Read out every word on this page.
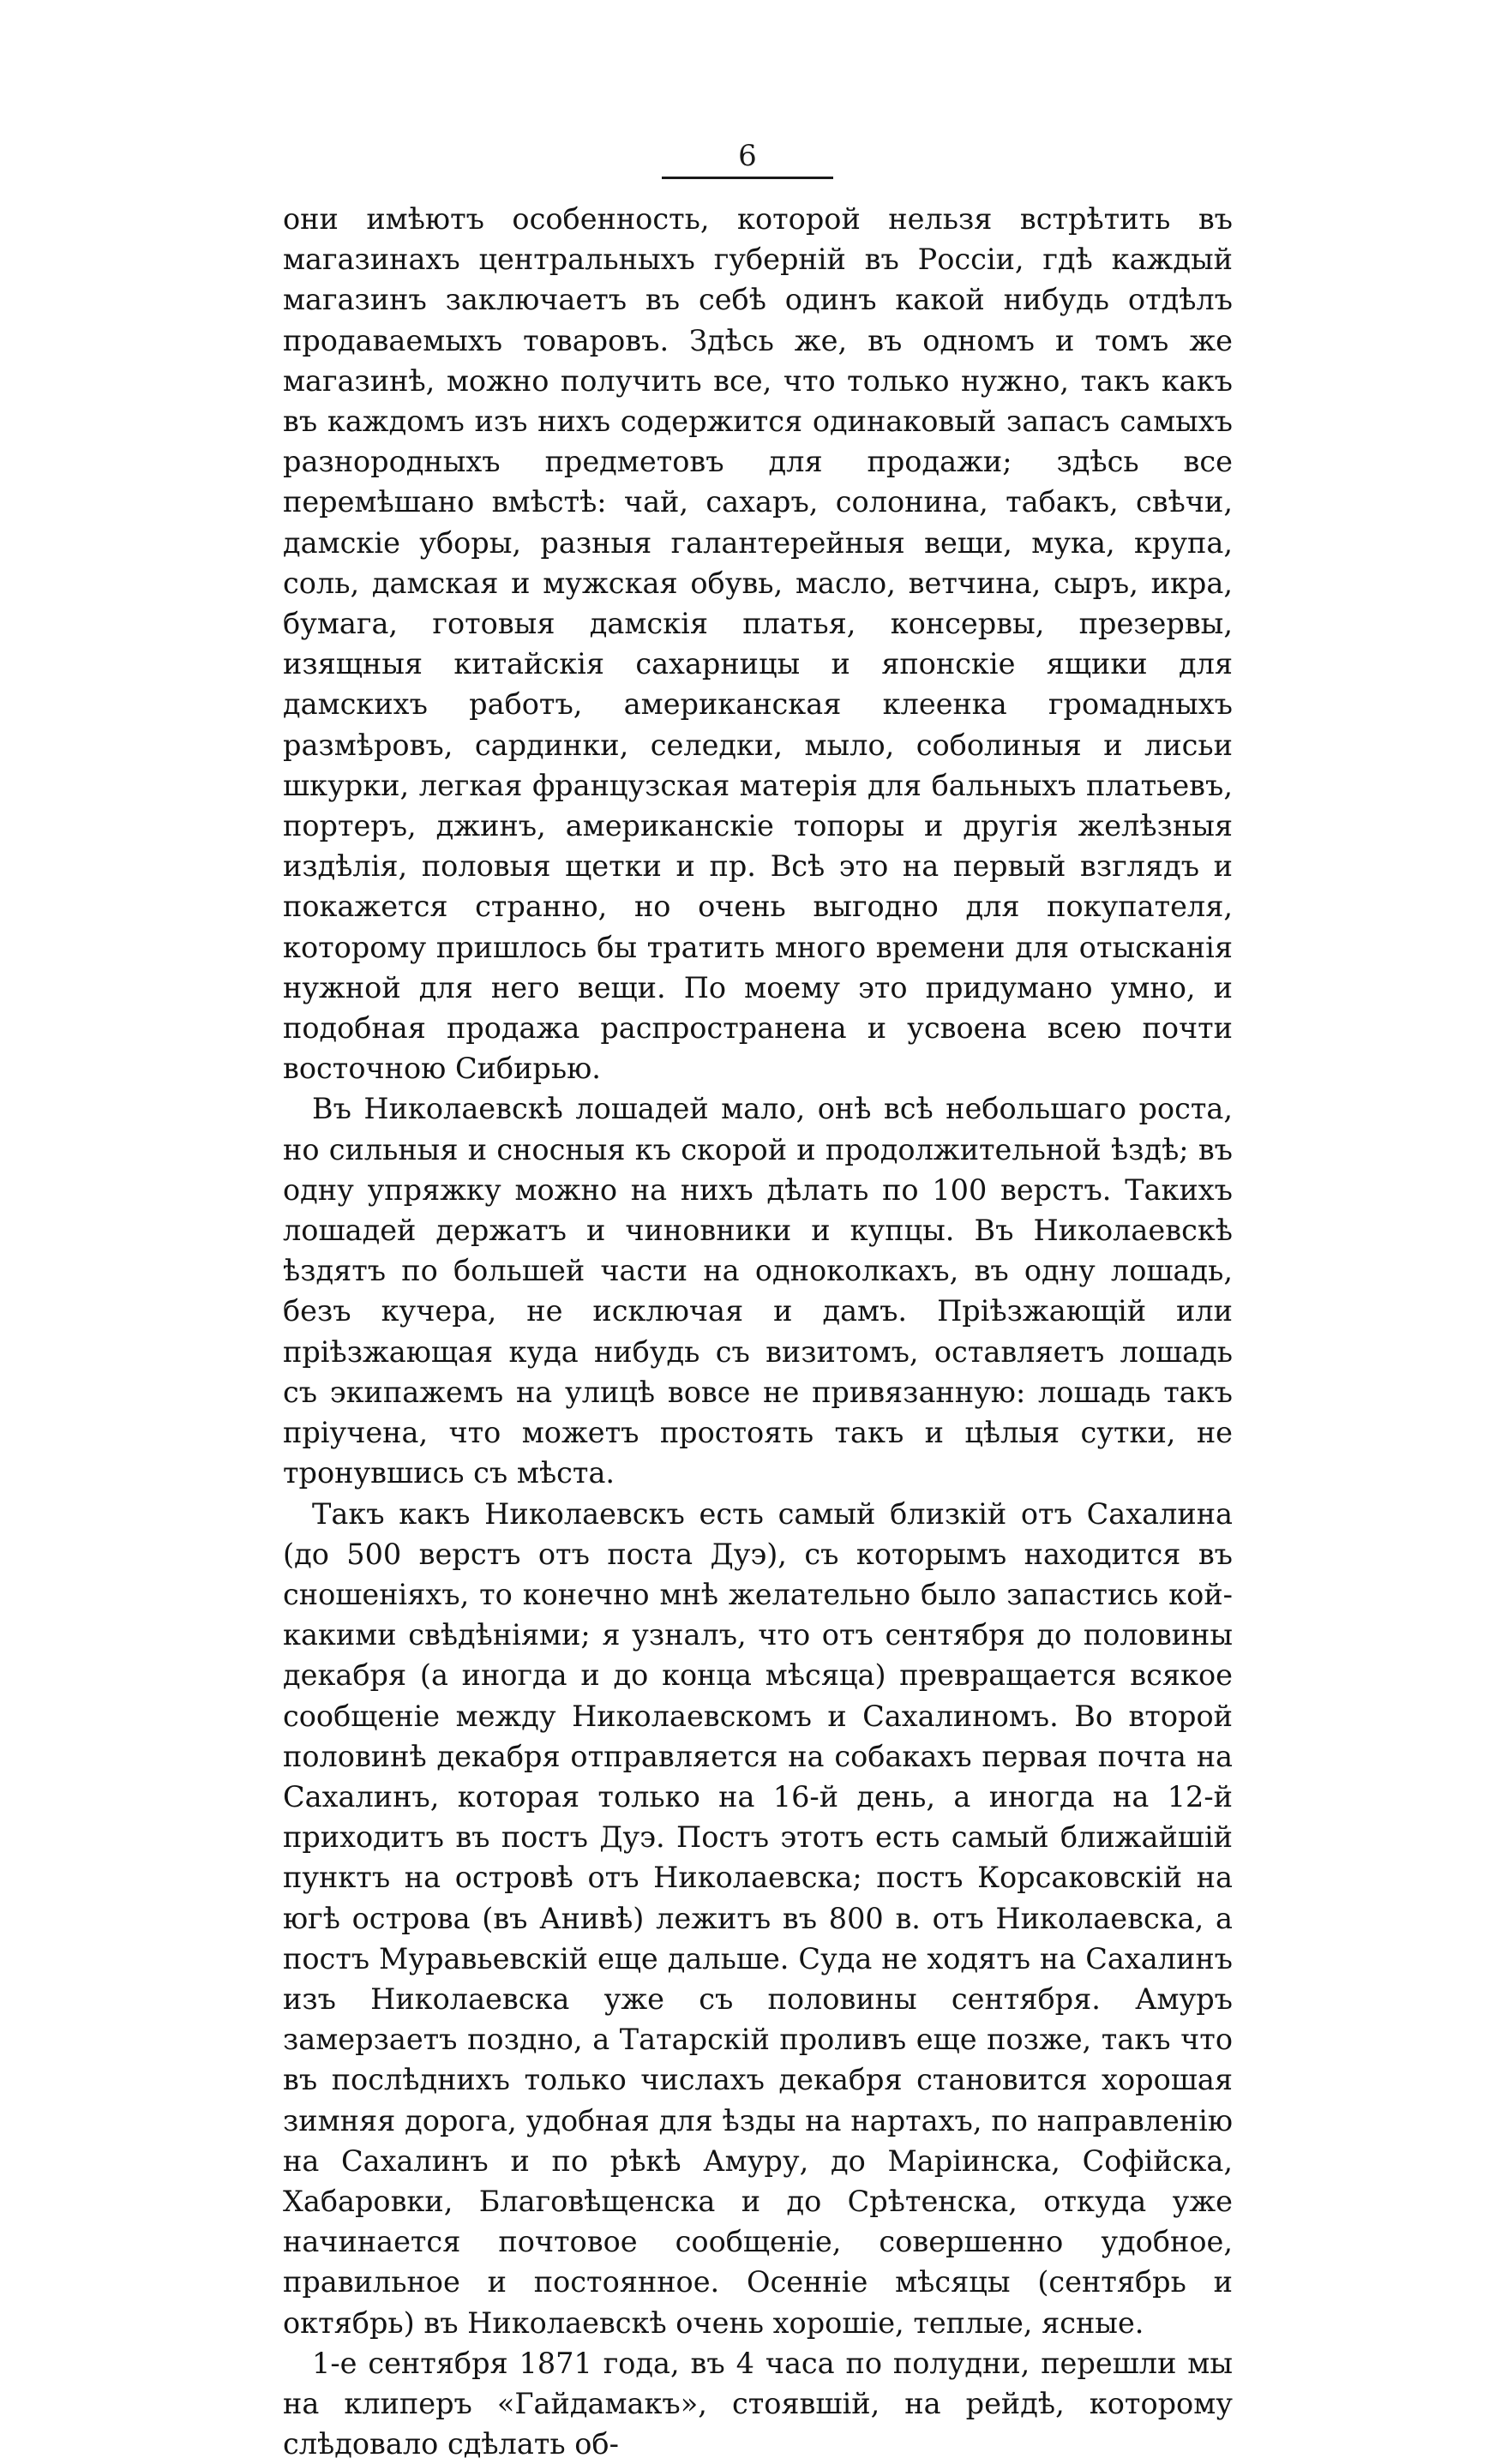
6

они имѣютъ особенность, которой нельзя встрѣтить въ магазинахъ центральныхъ губерній въ Россіи, гдѣ каждый магазинъ заключаетъ въ себѣ одинъ какой нибудь отдѣлъ продаваемыхъ товаровъ. Здѣсь же, въ одномъ и томъ же магазинѣ, можно получить все, что только нужно, такъ какъ въ каждомъ изъ нихъ содержится одинаковый запасъ самыхъ разнородныхъ предметовъ для продажи; здѣсь все перемѣшано вмѣстѣ: чай, сахаръ, солонина, табакъ, свѣчи, дамскіе уборы, разныя галантерейныя вещи, мука, крупа, соль, дамская и мужская обувь, масло, ветчина, сыръ, икра, бумага, готовыя дамскія платья, консервы, презервы, изящныя китайскія сахарницы и японскіе ящики для дамскихъ работъ, американская клеенка громадныхъ размѣровъ, сардинки, селедки, мыло, соболиныя и лисьи шкурки, легкая французская матерія для бальныхъ платьевъ, портеръ, джинъ, американскіе топоры и другія желѣзныя издѣлія, половыя щетки и пр. Всѣ это на первый взглядъ и покажется странно, но очень выгодно для покупателя, которому пришлось бы тратить много времени для отысканія нужной для него вещи. По моему это придумано умно, и подобная продажа распространена и усвоена всею почти восточною Сибирью.

Въ Николаевскѣ лошадей мало, онѣ всѣ небольшаго роста, но сильныя и сносныя къ скорой и продолжительной ѣздѣ; въ одну упряжку можно на нихъ дѣлать по 100 верстъ. Такихъ лошадей держатъ и чиновники и купцы. Въ Николаевскѣ ѣздятъ по большей части на одноколкахъ, въ одну лошадь, безъ кучера, не исключая и дамъ. Пріѣзжающій или пріѣзжающая куда нибудь съ визитомъ, оставляетъ лошадь съ экипажемъ на улицѣ вовсе не привязанную: лошадь такъ пріучена, что можетъ простоять такъ и цѣлыя сутки, не тронувшись съ мѣста.

Такъ какъ Николаевскъ есть самый близкій отъ Сахалина (до 500 верстъ отъ поста Дуэ), съ которымъ находится въ сношеніяхъ, то конечно мнѣ желательно было запастись кой-какими свѣдѣніями; я узналъ, что отъ сентября до половины декабря (а иногда и до конца мѣсяца) превращается всякое сообщеніе между Николаевскомъ и Сахалиномъ. Во второй половинѣ декабря отправляется на собакахъ первая почта на Сахалинъ, которая только на 16-й день, а иногда на 12-й приходитъ въ постъ Дуэ. Постъ этотъ есть самый ближайшій пунктъ на островѣ отъ Николаевска; постъ Корсаковскій на югѣ острова (въ Анивѣ) лежитъ въ 800 в. отъ Николаевска, а постъ Муравьевскій еще дальше. Суда не ходятъ на Сахалинъ изъ Николаевска уже съ половины сентября. Амуръ замерзаетъ поздно, а Татарскій проливъ еще позже, такъ что въ послѣднихъ только числахъ декабря становится хорошая зимняя дорога, удобная для ѣзды на нартахъ, по направленію на Сахалинъ и по рѣкѣ Амуру, до Маріинска, Софійска, Хабаровки, Благовѣщенска и до Срѣтенска, откуда уже начинается почтовое сообщеніе, совершенно удобное, правильное и постоянное. Осеннiе мѣсяцы (сентябрь и октябрь) въ Николаевскѣ очень хорошіе, теплые, ясные.

1-е сентября 1871 года, въ 4 часа по полудни, перешли мы на клиперъ «Гайдамакъ», стоявшій, на рейдѣ, которому слѣдовало сдѣлать об-
